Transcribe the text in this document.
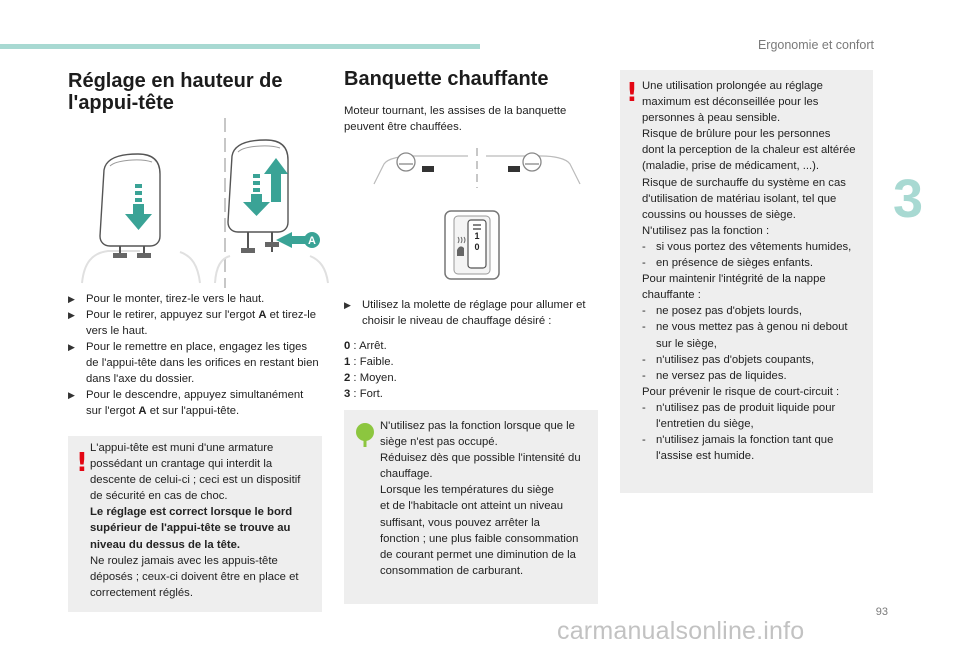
Ergonomie et confort
3
93
carmanualsonline.info
Réglage en hauteur de l'appui-tête
A
▶ Pour le monter, tirez-le vers le haut.
▶ Pour le retirer, appuyez sur l'ergot A et tirez-le vers le haut.
▶ Pour le remettre en place, engagez les tiges de l'appui-tête dans les orifices en restant bien dans l'axe du dossier.
▶ Pour le descendre, appuyez simultanément sur l'ergot A et sur l'appui-tête.
! L'appui-tête est muni d'une armature
possédant un crantage qui interdit la
descente de celui-ci ; ceci est un dispositif
de sécurité en cas de choc.
Le réglage est correct lorsque le bord
supérieur de l'appui-tête se trouve au
niveau du dessus de la tête.
Ne roulez jamais avec les appuis-tête
déposés ; ceux-ci doivent être en place et
correctement réglés.
Banquette chauffante
Moteur tournant, les assises de la banquette peuvent être chauffées.
1
0
▶ Utilisez la molette de réglage pour allumer et choisir le niveau de chauffage désiré :
0 : Arrêt.
1 : Faible.
2 : Moyen.
3 : Fort.
N'utilisez pas la fonction lorsque que le
siège n'est pas occupé.
Réduisez dès que possible l'intensité du
chauffage.
Lorsque les températures du siège
et de l'habitacle ont atteint un niveau
suffisant, vous pouvez arrêter la
fonction ; une plus faible consommation
de courant permet une diminution de la
consommation de carburant.
! Une utilisation prolongée au réglage
maximum est déconseillée pour les
personnes à peau sensible.
Risque de brûlure pour les personnes
dont la perception de la chaleur est altérée
(maladie, prise de médicament, ...).
Risque de surchauffe du système en cas
d'utilisation de matériau isolant, tel que
coussins ou housses de siège.
N'utilisez pas la fonction :
- si vous portez des vêtements humides,
- en présence de sièges enfants.
Pour maintenir l'intégrité de la nappe
chauffante :
- ne posez pas d'objets lourds,
- ne vous mettez pas à genou ni debout
sur le siège,
- n'utilisez pas d'objets coupants,
- ne versez pas de liquides.
Pour prévenir le risque de court-circuit :
- n'utilisez pas de produit liquide pour
l'entretien du siège,
- n'utilisez jamais la fonction tant que
l'assise est humide.
